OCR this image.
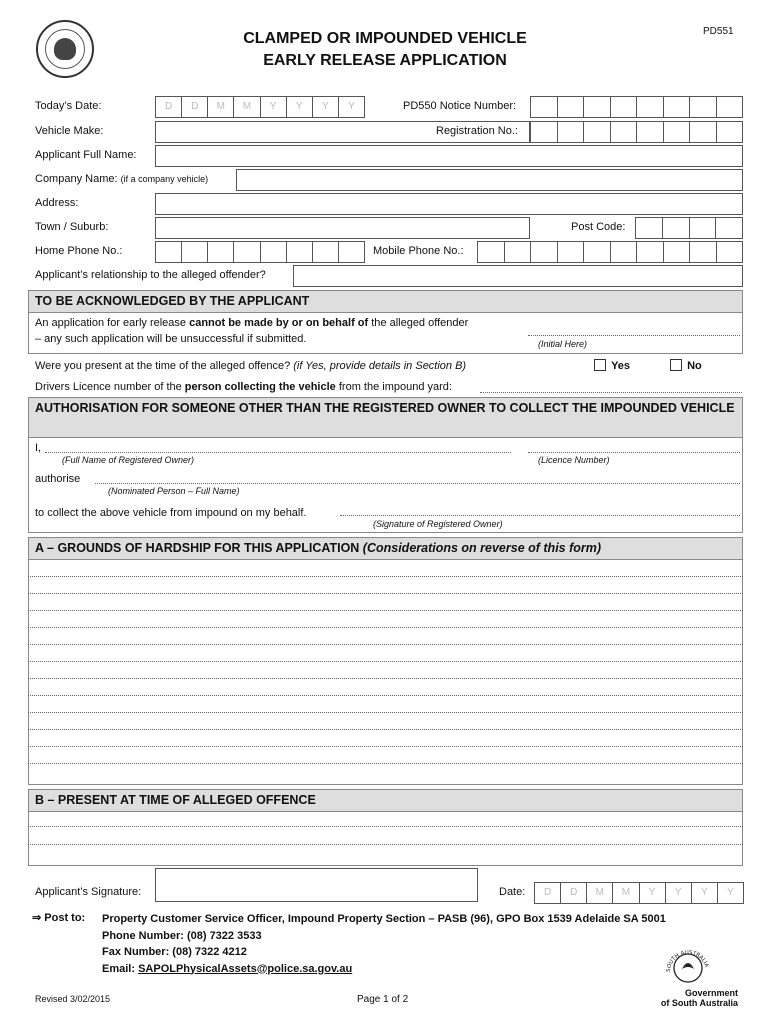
CLAMPED OR IMPOUNDED VEHICLE
EARLY RELEASE APPLICATION
PD551
Today’s Date:	D	D	M	M	Y	Y	Y	Y	PD550 Notice Number:
Vehicle Make:	Registration No.:
Applicant Full Name:
Company Name: (if a company vehicle)
Address:
Town / Suburb:	Post Code:
Home Phone No.:	Mobile Phone No.:
Applicant’s relationship to the alleged offender?
TO BE ACKNOWLEDGED BY THE APPLICANT
An application for early release cannot be made by or on behalf of the alleged offender
– any such application will be unsuccessful if submitted.	(Initial Here)
Were you present at the time of the alleged offence? (if Yes, provide details in Section B)	Yes	No
Drivers Licence number of the person collecting the vehicle from the impound yard:
AUTHORISATION FOR SOMEONE OTHER THAN THE REGISTERED OWNER TO COLLECT THE IMPOUNDED VEHICLE
I,
(Full Name of Registered Owner)	(Licence Number)
authorise
(Nominated Person – Full Name)
to collect the above vehicle from impound on my behalf.
(Signature of Registered Owner)
A – GROUNDS OF HARDSHIP FOR THIS APPLICATION (Considerations on reverse of this form)
B – PRESENT AT TIME OF ALLEGED OFFENCE
Applicant’s Signature:	Date:	D	D	M	M	Y	Y	Y	Y
⇒ Post to: Property Customer Service Officer, Impound Property Section – PASB (96), GPO Box 1539 Adelaide SA 5001
Phone Number: (08) 7322 3533
Fax Number: (08) 7322 4212
Email: SAPOLPhysicalAssets@police.sa.gov.au
Revised 3/02/2015	Page 1 of 2
SOUTH AUSTRALIA
Government
of South Australia
